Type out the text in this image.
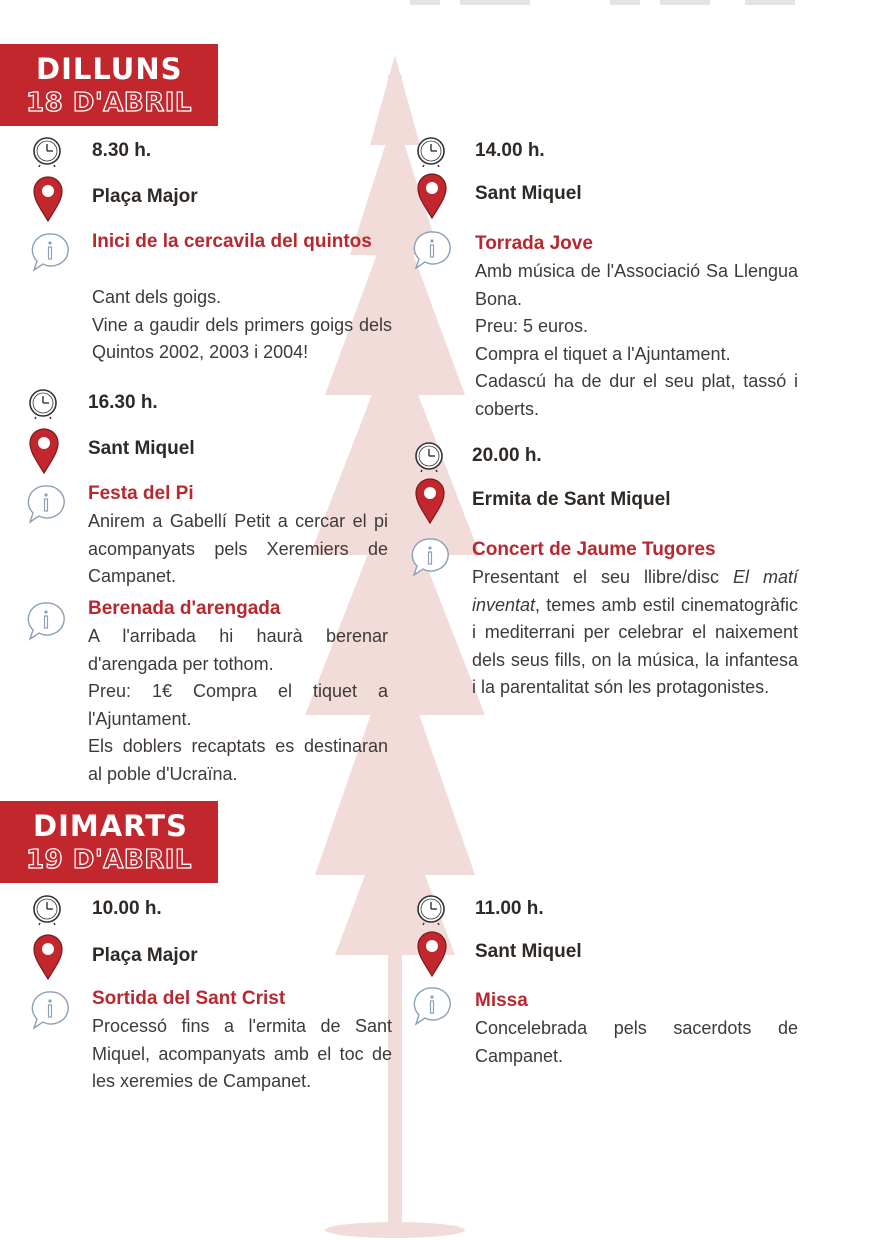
DILLUNS
18 D'ABRIL
8.30 h.
Plaça Major
Inici de la cercavila del quintos

Cant dels goigs.

Vine a gaudir dels primers goigs dels Quintos 2002, 2003 i 2004!

16.30 h.
Sant Miquel
Festa del Pi

Anirem a Gabellí Petit a cercar el pi acompanyats pels Xeremiers de Campanet.

Berenada d'arengada

A l'arribada hi haurà berenar d'arengada per tothom.

Preu: 1€ Compra el tiquet a l'Ajuntament.

Els doblers recaptats es destinaran al poble d'Ucraïna.

14.00 h.
Sant Miquel
Torrada Jove

Amb música de l'Associació Sa Llengua Bona.

Preu: 5 euros.

Compra el tiquet a l'Ajuntament.

Cadascú ha de dur el seu plat, tassó i coberts.

20.00 h.
Ermita de Sant Miquel
Concert de Jaume Tugores

Presentant el seu llibre/disc El matí inventat, temes amb estil cinematogràfic i mediterrani per celebrar el naixement dels seus fills, on la música, la infantesa i la parentalitat són les protagonistes.

DIMARTS
19 D'ABRIL
10.00 h.
Plaça Major
Sortida del Sant Crist

Processó fins a l'ermita de Sant Miquel, acompanyats amb el toc de les xeremies de Campanet.

11.00 h.
Sant Miquel
Missa

Concelebrada pels sacerdots de Campanet.
